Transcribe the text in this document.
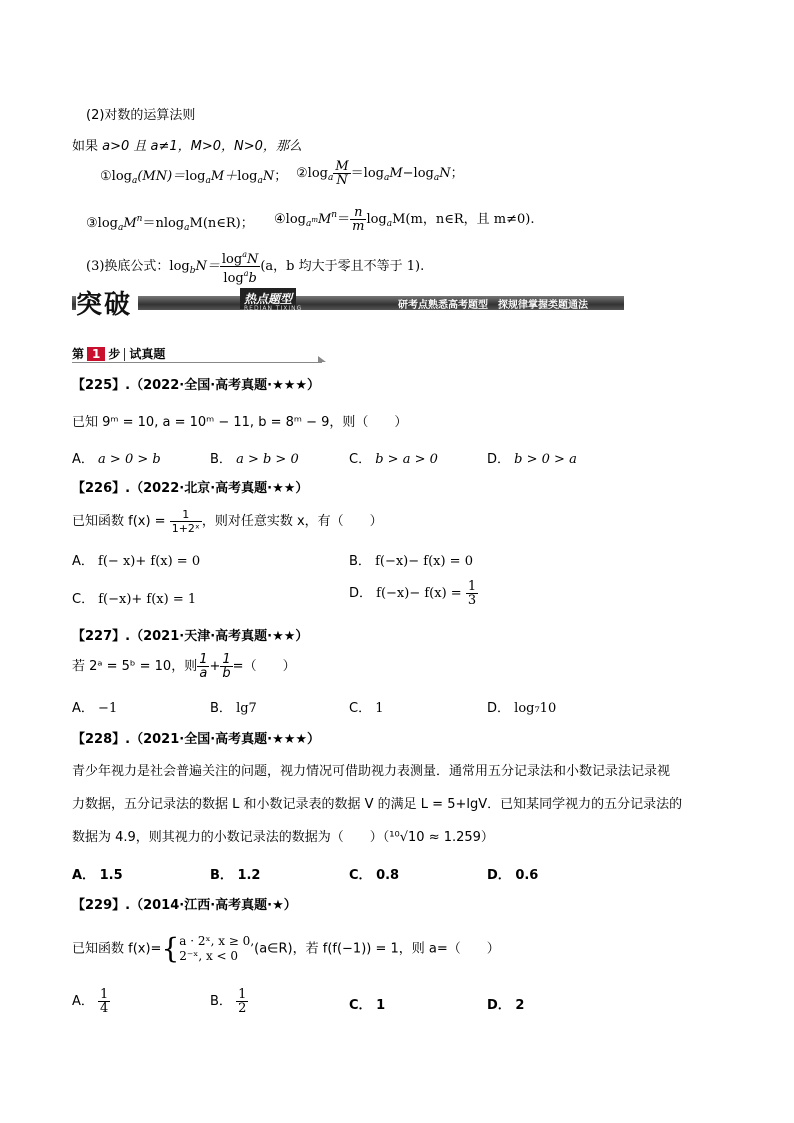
(2)对数的运算法则
如果 a>0 且 a≠1，M>0，N>0，那么
$①\log_a(MN)=\log_aM+\log_aN$； $②\log_a \frac{M}{N} =\log_aM-\log_aN$；
$③\log_aM^n=nlog_aM(n\in R)$； $④\log_{a^m}M^n= \frac{n}{m} \log_aM(m$，n∈R，且 m≠0).
(3)换底公式：$\log_bN= \frac{\log^aN}{\log^ab} (a$，b 均大于零且不等于 1).
突破	热点题型
REDIAN TIXING	研考点熟悉高考题型　探规律掌握类题通法
第 1 步 试真题
【225】.（2022·全国·高考真题·★★★）
已知 9ᵐ = 10, a = 10ᵐ − 11, b = 8ᵐ − 9，则（　　）
A． a > 0 > b	B． a > b > 0	C． b > a > 0	D． b > 0 > a
【226】.（2022·北京·高考真题·★★）
已知函数 $f(x) = \frac{1}{\text{1+2ˣ}}$ ，则对任意实数 x，有（　　）
A． f(− x)+ f(x) = 0	B． f(−x)− f(x) = 0
C． f(−x)+ f(x) = 1	D． $f(-x)- f(x) = \frac{1}{3}$
【227】.（2021·天津·高考真题·★★）
若 2ᵃ = 5ᵇ = 10，则 $\frac{1}{a} + \frac{1}{b}$ =（　　）
A． −1	B． lg7	C． 1	D． log₇10
【228】.（2021·全国·高考真题·★★★）
青少年视力是社会普遍关注的问题，视力情况可借助视力表测量．通常用五分记录法和小数记录法记录视
力数据，五分记录法的数据 L 和小数记录表的数据 V 的满足 L = 5+lgV．已知某同学视力的五分记录法的
数据为 4.9，则其视力的小数记录法的数据为（　　）（¹⁰√10 ≈ 1.259）
A． 1.5	B． 1.2	C． 0.8	D． 0.6
【229】.（2014·江西·高考真题·★）
已知函数 f(x)={ a · 2ˣ, x ≥ 0,
2⁻ˣ, x < 0	(a∈R)，若 f(f(−1)) = 1，则 a=（　　）
A． $\frac{1}{4}$	B． $\frac{1}{2}$	C． 1	D． 2
